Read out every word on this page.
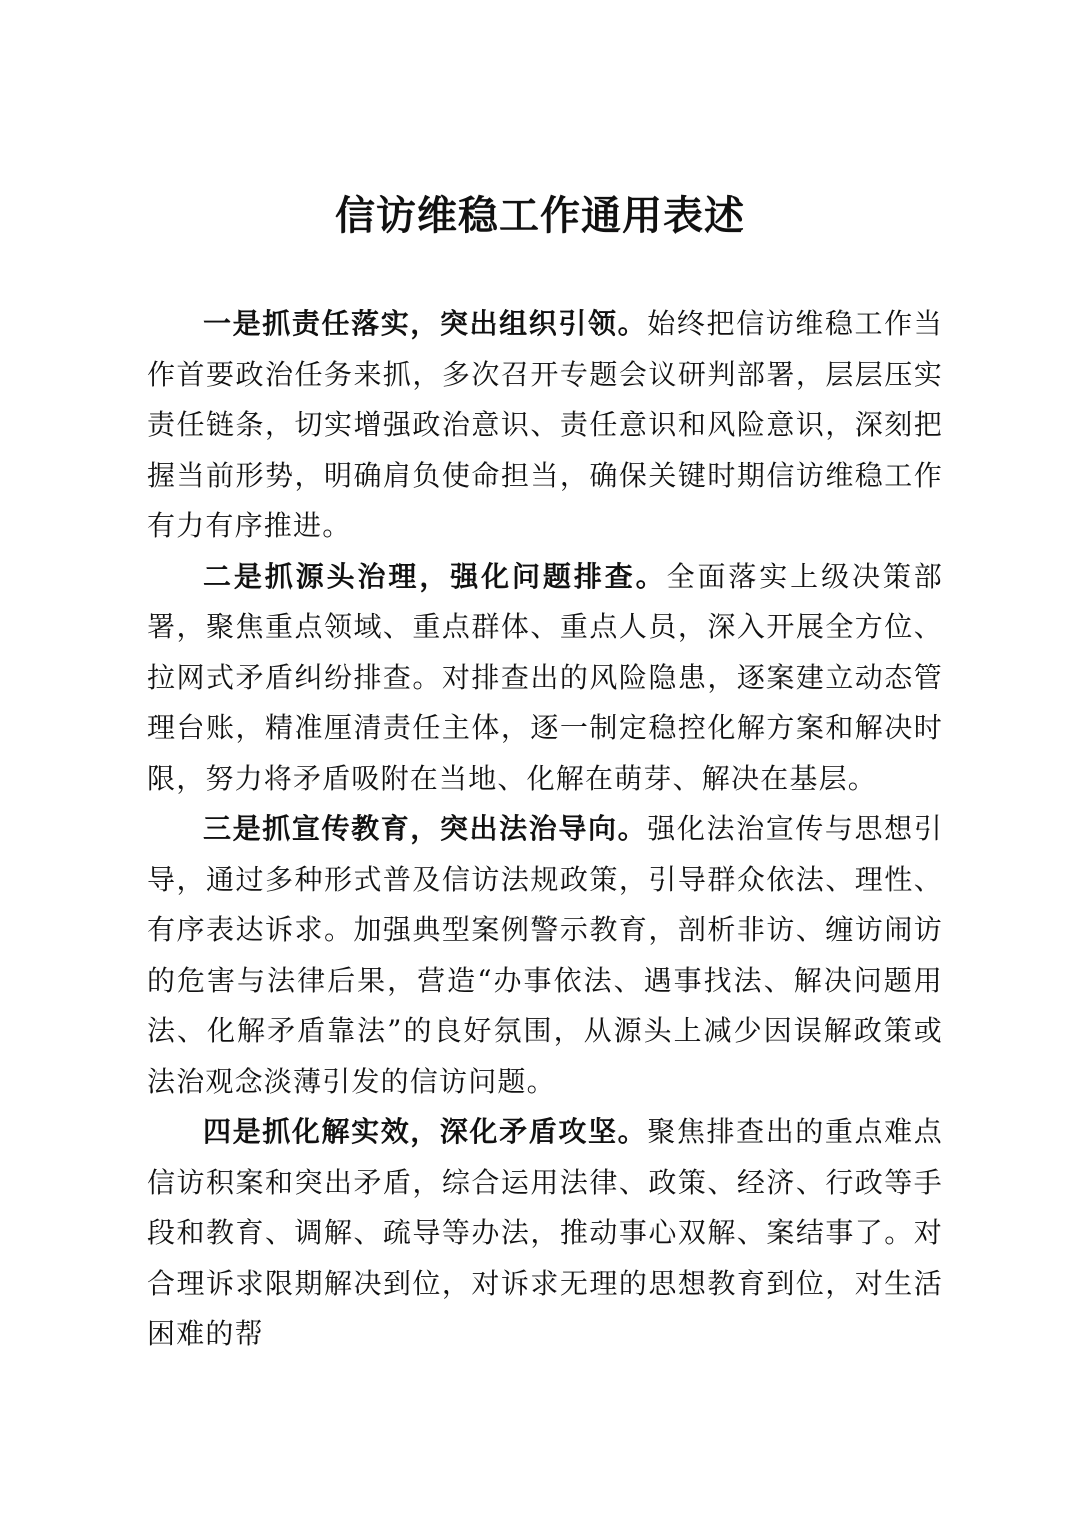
信访维稳工作通用表述

一是抓责任落实，突出组织引领。始终把信访维稳工作当作首要政治任务来抓，多次召开专题会议研判部署，层层压实责任链条，切实增强政治意识、责任意识和风险意识，深刻把握当前形势，明确肩负使命担当，确保关键时期信访维稳工作有力有序推进。

二是抓源头治理，强化问题排查。全面落实上级决策部署，聚焦重点领域、重点群体、重点人员，深入开展全方位、拉网式矛盾纠纷排查。对排查出的风险隐患，逐案建立动态管理台账，精准厘清责任主体，逐一制定稳控化解方案和解决时限，努力将矛盾吸附在当地、化解在萌芽、解决在基层。

三是抓宣传教育，突出法治导向。强化法治宣传与思想引导，通过多种形式普及信访法规政策，引导群众依法、理性、有序表达诉求。加强典型案例警示教育，剖析非访、缠访闹访的危害与法律后果，营造“办事依法、遇事找法、解决问题用法、化解矛盾靠法”的良好氛围，从源头上减少因误解政策或法治观念淡薄引发的信访问题。

四是抓化解实效，深化矛盾攻坚。聚焦排查出的重点难点信访积案和突出矛盾，综合运用法律、政策、经济、行政等手段和教育、调解、疏导等办法，推动事心双解、案结事了。对合理诉求限期解决到位，对诉求无理的思想教育到位，对生活困难的帮
